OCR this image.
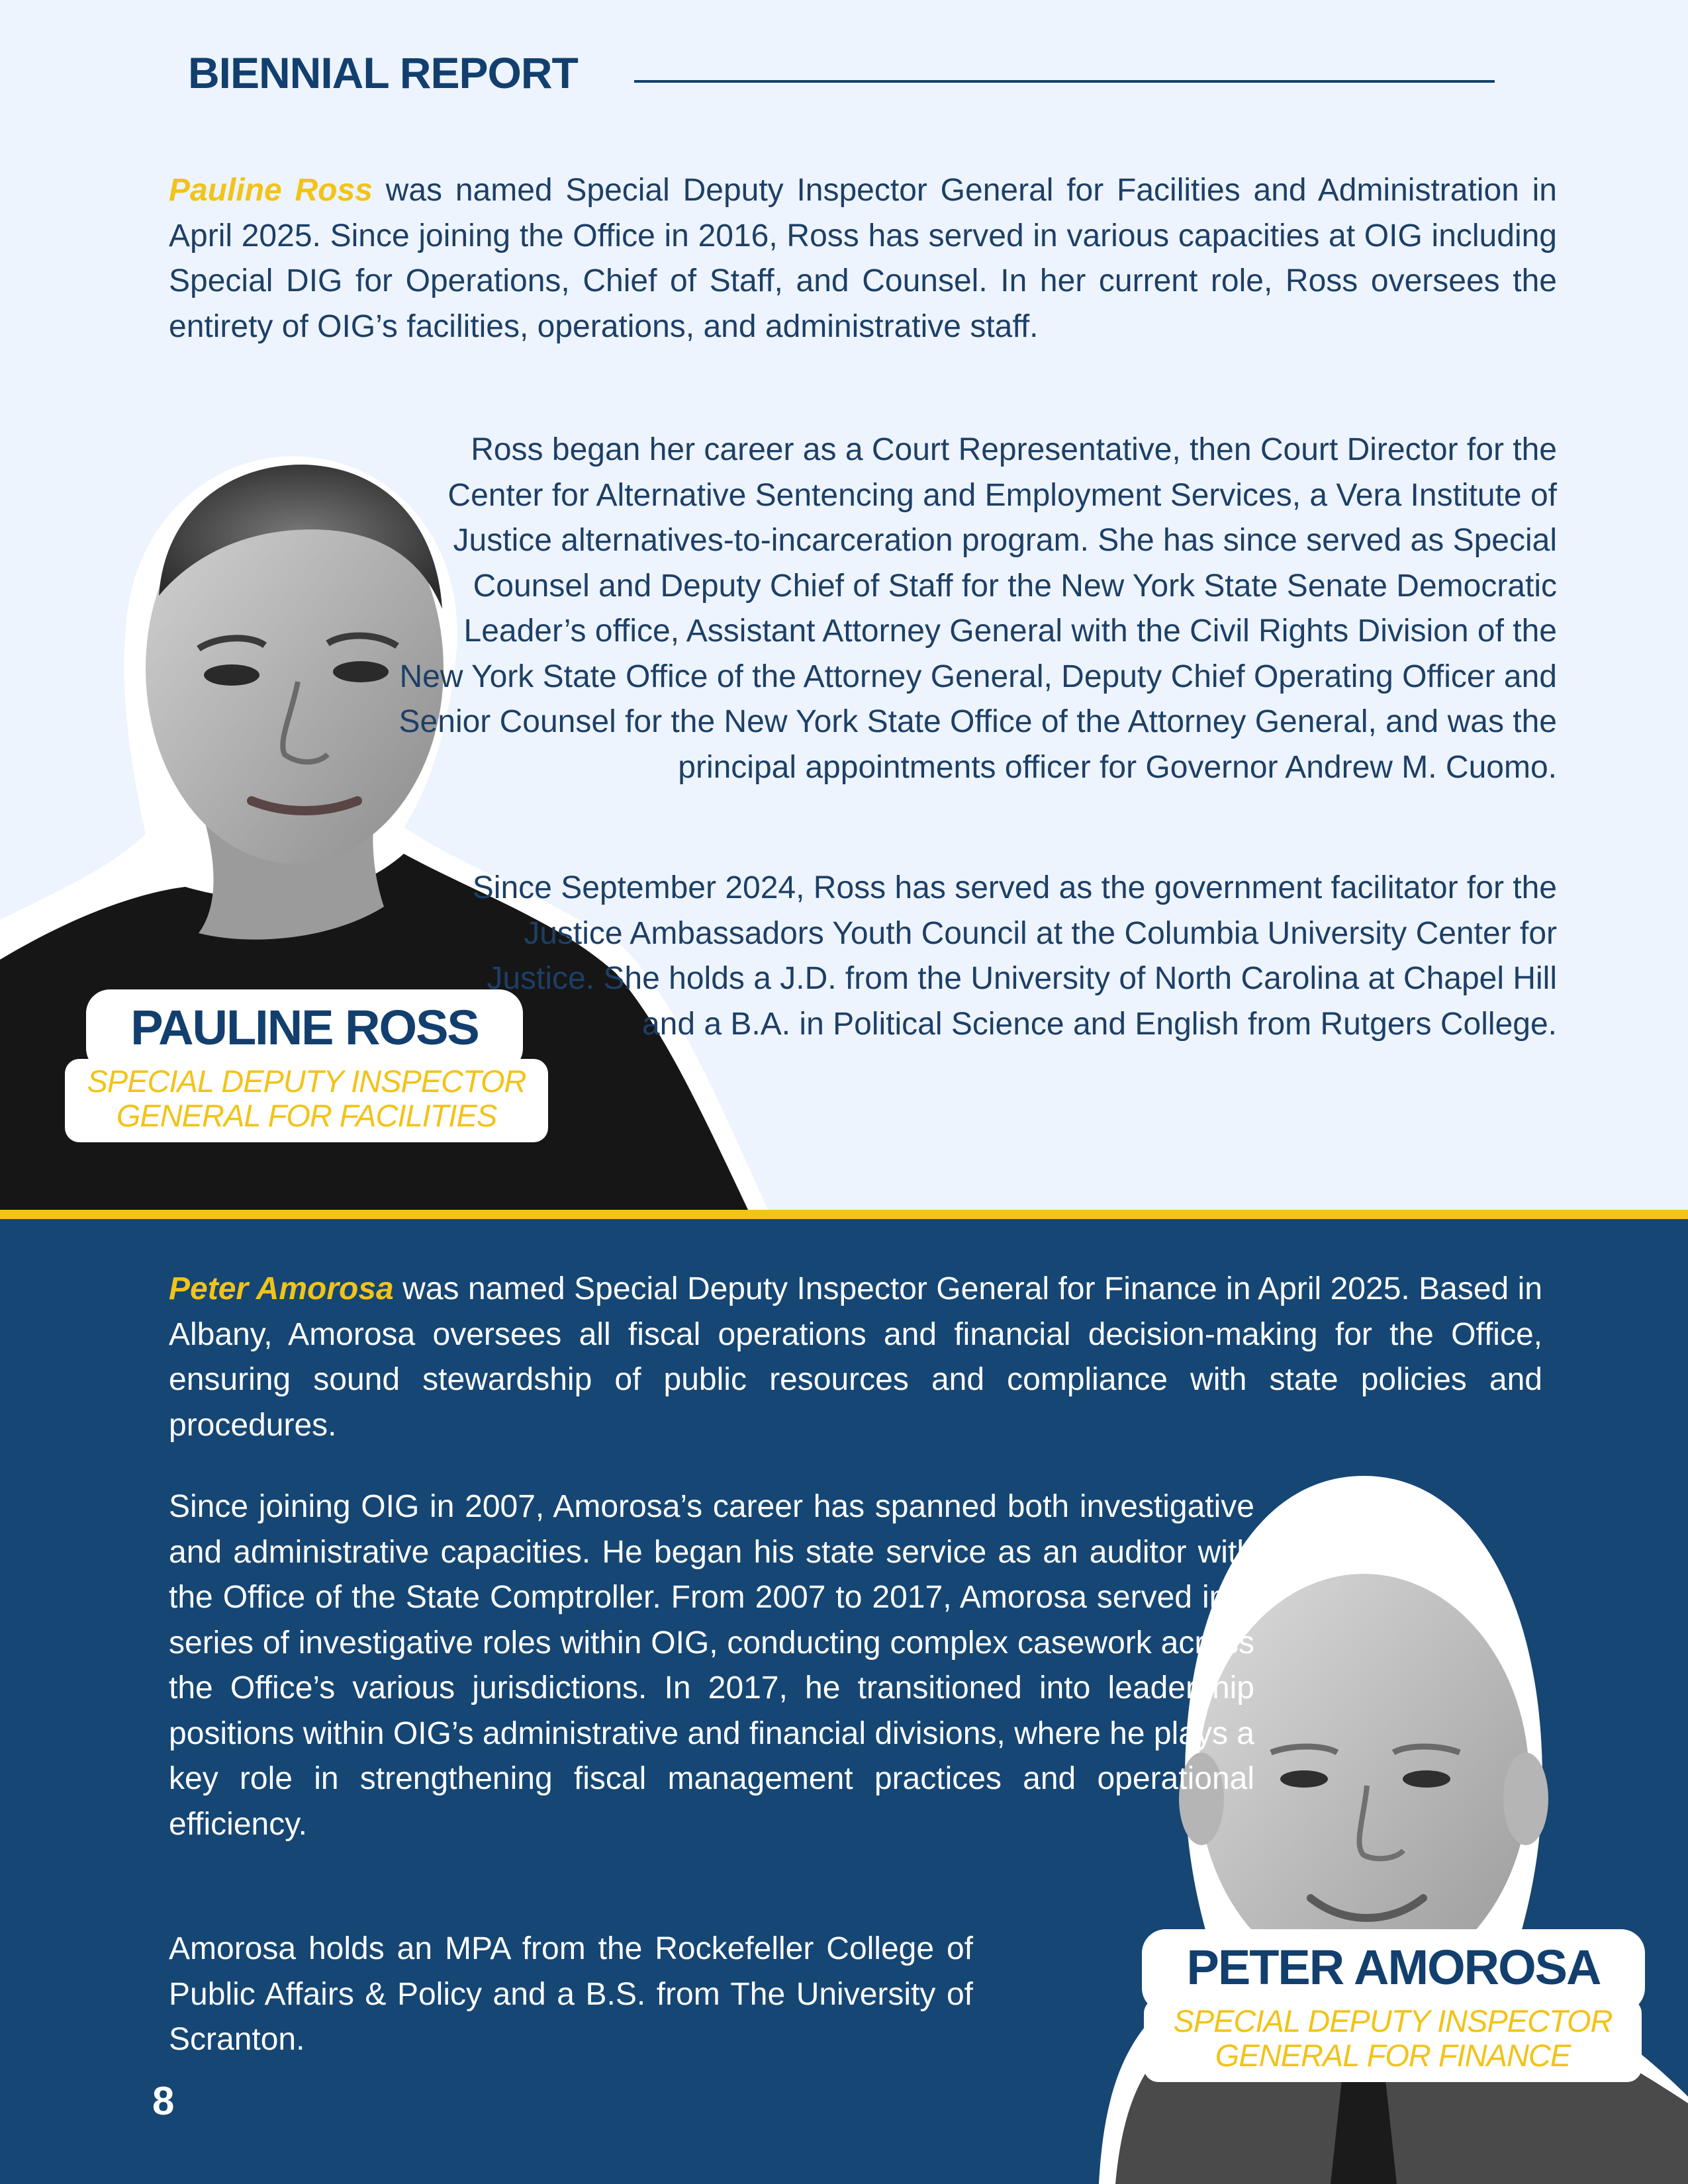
BIENNIAL REPORT

Pauline Ross was named Special Deputy Inspector General for Facilities and Administration in April 2025. Since joining the Office in 2016, Ross has served in various capacities at OIG including Special DIG for Operations, Chief of Staff, and Counsel. In her current role, Ross oversees the entirety of OIG’s facilities, operations, and administrative staff.

Ross began her career as a Court Representative, then Court Director for the Center for Alternative Sentencing and Employment Services, a Vera Institute of Justice alternatives-to-incarceration program. She has since served as Special Counsel and Deputy Chief of Staff for the New York State Senate Democratic Leader’s office, Assistant Attorney General with the Civil Rights Division of the New York State Office of the Attorney General, Deputy Chief Operating Officer and Senior Counsel for the New York State Office of the Attorney General, and was the principal appointments officer for Governor Andrew M. Cuomo.

Since September 2024, Ross has served as the government facilitator for the Justice Ambassadors Youth Council at the Columbia University Center for Justice. She holds a J.D. from the University of North Carolina at Chapel Hill and a B.A. in Political Science and English from Rutgers College.

PAULINE ROSS
SPECIAL DEPUTY INSPECTOR
GENERAL FOR FACILITIES

Peter Amorosa was named Special Deputy Inspector General for Finance in April 2025. Based in Albany, Amorosa oversees all fiscal operations and financial decision-making for the Office, ensuring sound stewardship of public resources and compliance with state policies and procedures.

Since joining OIG in 2007, Amorosa’s career has spanned both investigative and administrative capacities. He began his state service as an auditor with the Office of the State Comptroller. From 2007 to 2017, Amorosa served in a series of investigative roles within OIG, conducting complex casework across the Office’s various jurisdictions. In 2017, he transitioned into leadership positions within OIG’s administrative and financial divisions, where he plays a key role in strengthening fiscal management practices and operational efficiency.

Amorosa holds an MPA from the Rockefeller College of Public Affairs & Policy and a B.S. from The University of Scranton.

PETER AMOROSA
SPECIAL DEPUTY INSPECTOR
GENERAL FOR FINANCE
8
